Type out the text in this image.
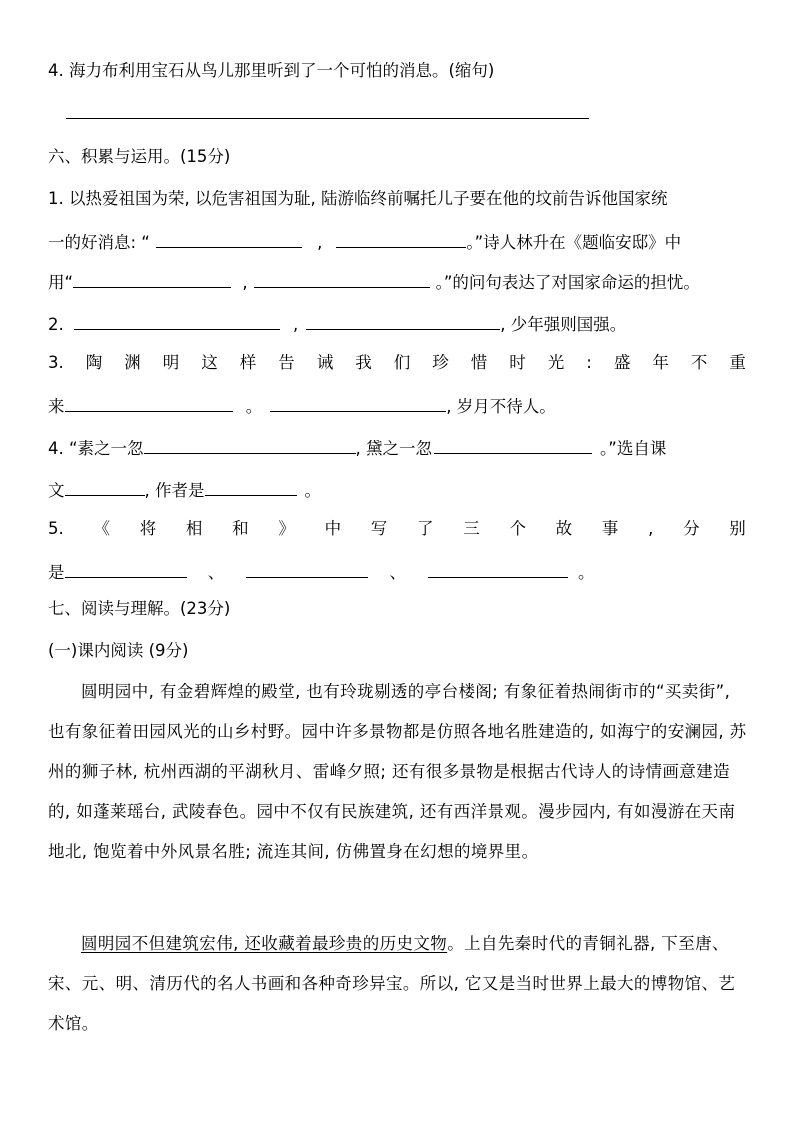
4. 海力布利用宝石从鸟儿那里听到了一个可怕的消息。(缩句)
六、积累与运用。(15分)
1. 以热爱祖国为荣, 以危害祖国为耻, 陆游临终前嘱托儿子要在他的坟前告诉他国家统
一的好消息: “	,	。”诗人林升在《题临安邸》中
用“	,	。”的问句表达了对国家命运的担忧。
2.	,	, 少年强则国强。
3. 陶 渊 明 这 样 告 诫 我 们 珍 惜 时 光 : 盛 年 不 重
来	。	, 岁月不待人。
4. “素之一忽	, 黛之一忽	。”选自课
文	, 作者是	。
5. 《 将 相 和 》 中 写 了 三 个 故 事 , 分 别
是	、	、	。
七、阅读与理解。(23分)
(一)课内阅读 (9分)
圆明园中, 有金碧辉煌的殿堂, 也有玲珑剔透的亭台楼阁; 有象征着热闹街市的“买卖街”, 也有象征着田园风光的山乡村野。园中许多景物都是仿照各地名胜建造的, 如海宁的安澜园, 苏州的狮子林, 杭州西湖的平湖秋月、雷峰夕照; 还有很多景物是根据古代诗人的诗情画意建造的, 如蓬莱瑶台, 武陵春色。园中不仅有民族建筑, 还有西洋景观。漫步园内, 有如漫游在天南地北, 饱览着中外风景名胜; 流连其间, 仿佛置身在幻想的境界里。
圆明园不但建筑宏伟, 还收藏着最珍贵的历史文物。上自先秦时代的青铜礼器, 下至唐、宋、元、明、清历代的名人书画和各种奇珍异宝。所以, 它又是当时世界上最大的博物馆、艺术馆。
